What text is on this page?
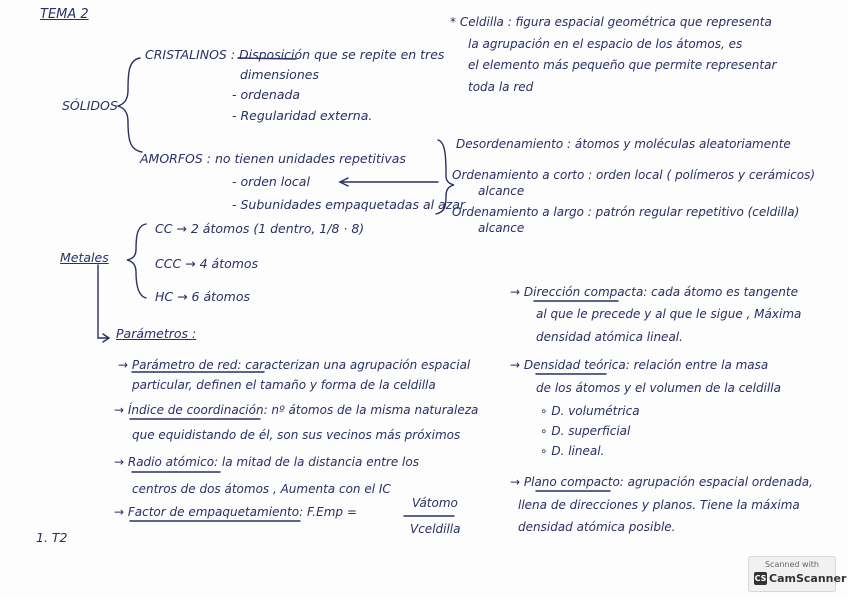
TEMA 2
SÓLIDOS
CRISTALINOS : Disposición que se repite en tres
dimensiones
- ordenada
- Regularidad externa.
AMORFOS : no tienen unidades repetitivas
- orden local
- Subunidades empaquetadas al azar
Metales
CC → 2 átomos (1 dentro, 1/8 · 8)
CCC → 4 átomos
HC → 6 átomos
Parámetros :
→ Parámetro de red: caracterizan una agrupación espacial
particular, definen el tamaño y forma de la celdilla
→ Índice de coordinación: nº átomos de la misma naturaleza
que equidistando de él, son sus vecinos más próximos
→ Radio atómico: la mitad de la distancia entre los
centros de dos átomos , Aumenta con el IC
→ Factor de empaquetamiento: F.Emp =
Vátomo
Vceldilla
1. T2
* Celdilla : figura espacial geométrica que representa
la agrupación en el espacio de los átomos, es
el elemento más pequeño que permite representar
toda la red
Desordenamiento : átomos y moléculas aleatoriamente
Ordenamiento a corto : orden local ( polímeros y cerámicos)
alcance
Ordenamiento a largo : patrón regular repetitivo (celdilla)
alcance
→ Dirección compacta: cada átomo es tangente
al que le precede y al que le sigue , Máxima
densidad atómica lineal.
→ Densidad teórica: relación entre la masa
de los átomos y el volumen de la celdilla
∘ D. volumétrica
∘ D. superficial
∘ D. lineal.
→ Plano compacto: agrupación espacial ordenada,
llena de direcciones y planos. Tiene la máxima
densidad atómica posible.
Scanned with
CS CamScanner
